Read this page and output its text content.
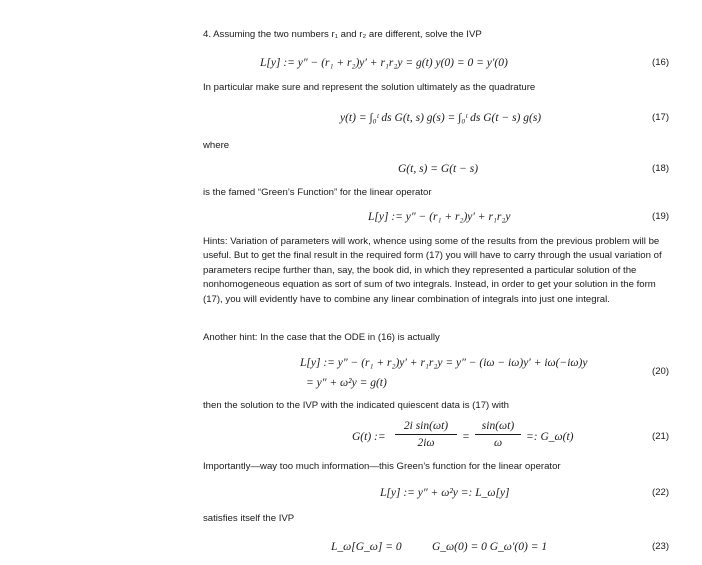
4. Assuming the two numbers r₁ and r₂ are different, solve the IVP
L[y] := y″ − (r₁ + r₂)y′ + r₁r₂y = g(t) y(0) = 0 = y′(0)	(16)
In particular make sure and represent the solution ultimately as the quadrature
y(t) = ∫₀ᵗ ds G(t, s) g(s) = ∫₀ᵗ ds G(t − s) g(s)	(17)
where
G(t, s) = G(t − s)	(18)
is the famed “Green’s Function” for the linear operator
L[y] := y″ − (r₁ + r₂)y′ + r₁r₂y	(19)
Hints: Variation of parameters will work, whence using some of the results from the previous problem will be useful. But to get the final result in the required form (17) you will have to carry through the usual variation of parameters recipe further than, say, the book did, in which they represented a particular solution of the nonhomogeneous equation as sort of sum of two integrals. Instead, in order to get your solution in the form (17), you will evidently have to combine any linear combination of integrals into just one integral.
Another hint: In the case that the ODE in (16) is actually
L[y] := y″ − (r₁ + r₂)y′ + r₁r₂y = y″ − (iω − iω)y′ + iω(−iω)y
= y″ + ω²y = g(t)
(20)
then the solution to the IVP with the indicated quiescent data is (17) with
G(t) :=
2i sin(ωt)
2iω	=
sin(ωt)
ω	=: G_ω(t)	(21)
Importantly—way too much information—this Green’s function for the linear operator
L[y] := y″ + ω²y =: L_ω[y]	(22)
satisfies itself the IVP
L_ω[G_ω] = 0	G_ω(0) = 0 G_ω′(0) = 1	(23)
